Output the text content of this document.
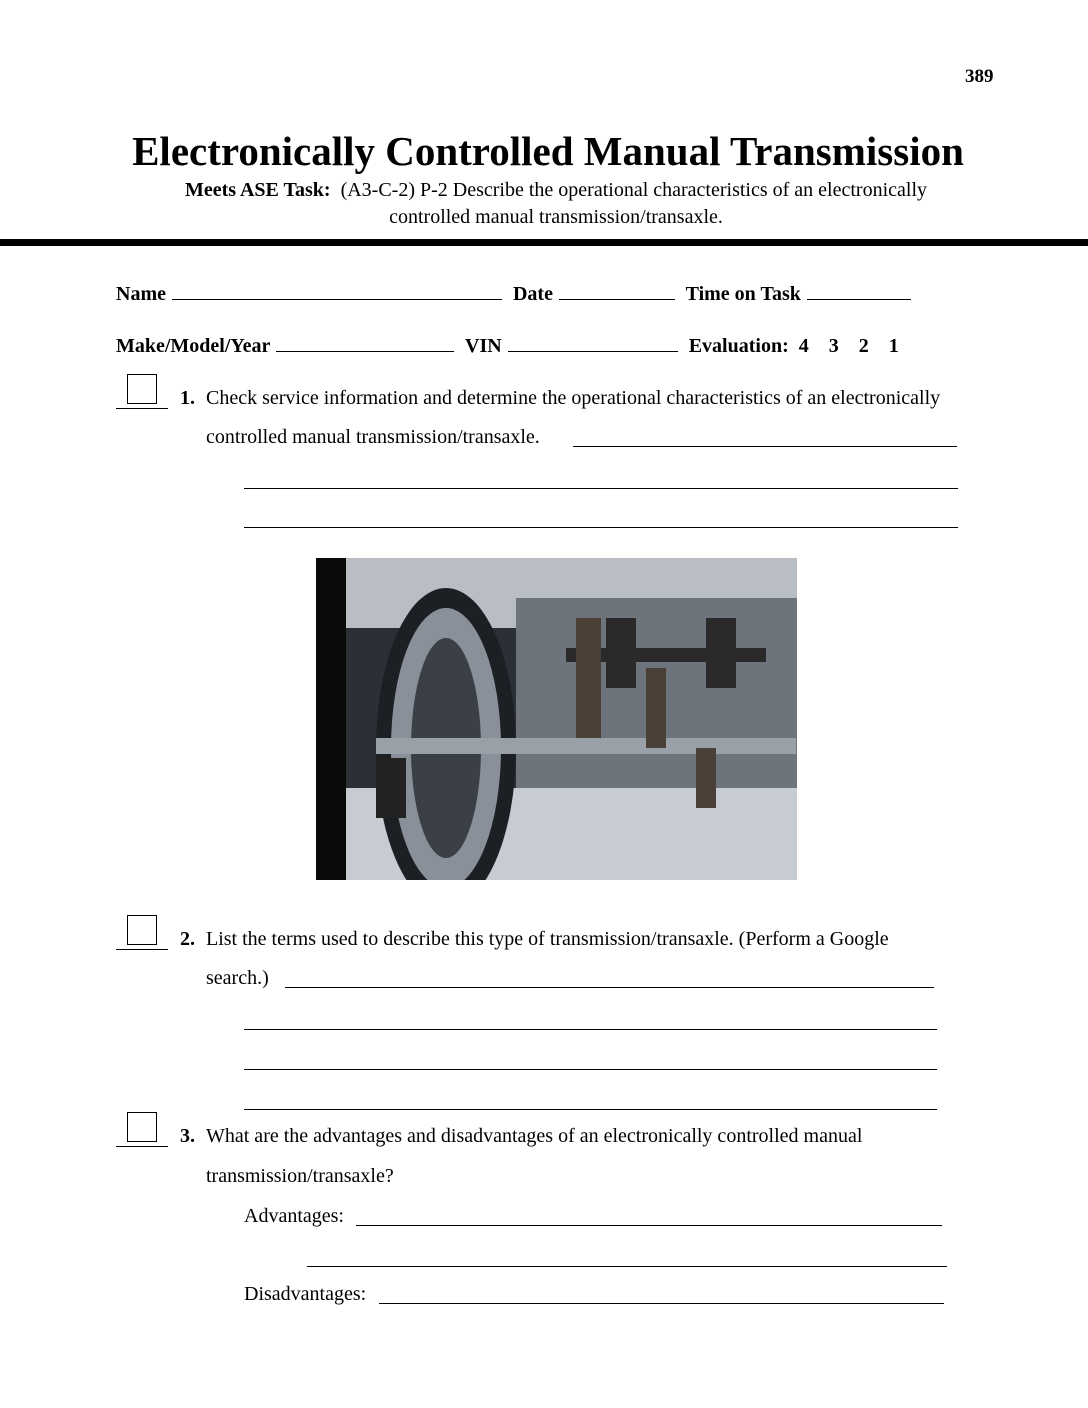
389
Electronically Controlled Manual Transmission
Meets ASE Task: (A3-C-2) P-2 Describe the operational characteristics of an electronically
controlled manual transmission/transaxle.
Name	Date	Time on Task
Make/Model/Year	VIN	Evaluation: 4 3 2 1
1. Check service information and determine the operational characteristics of an electronically
controlled manual transmission/transaxle.
2. List the terms used to describe this type of transmission/transaxle. (Perform a Google
search.)
3. What are the advantages and disadvantages of an electronically controlled manual
transmission/transaxle?
Advantages:
Disadvantages:
